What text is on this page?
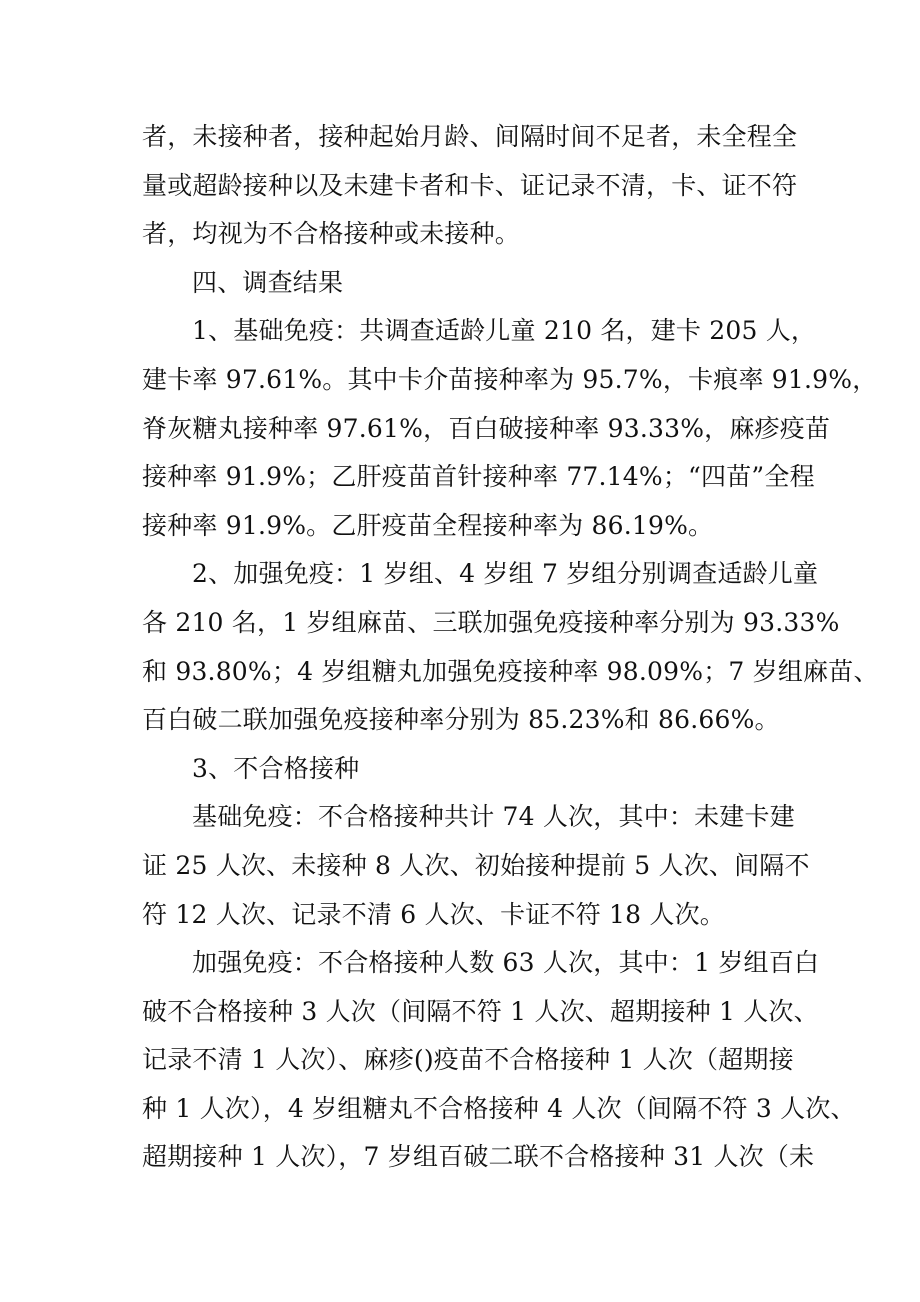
者，未接种者，接种起始月龄、间隔时间不足者，未全程全
量或超龄接种以及未建卡者和卡、证记录不清，卡、证不符
者，均视为不合格接种或未接种。
四、调查结果
1、基础免疫：共调查适龄儿童 210 名，建卡 205 人，
建卡率 97.61%。其中卡介苗接种率为 95.7%，卡痕率 91.9%，
脊灰糖丸接种率 97.61%，百白破接种率 93.33%，麻疹疫苗
接种率 91.9%；乙肝疫苗首针接种率 77.14%；“四苗”全程
接种率 91.9%。乙肝疫苗全程接种率为 86.19%。
2、加强免疫：1 岁组、4 岁组 7 岁组分别调查适龄儿童
各 210 名，1 岁组麻苗、三联加强免疫接种率分别为 93.33%
和 93.80%；4 岁组糖丸加强免疫接种率 98.09%；7 岁组麻苗、
百白破二联加强免疫接种率分别为 85.23%和 86.66%。
3、不合格接种
基础免疫：不合格接种共计 74 人次，其中：未建卡建
证 25 人次、未接种 8 人次、初始接种提前 5 人次、间隔不
符 12 人次、记录不清 6 人次、卡证不符 18 人次。
加强免疫：不合格接种人数 63 人次，其中：1 岁组百白
破不合格接种 3 人次（间隔不符 1 人次、超期接种 1 人次、
记录不清 1 人次）、麻疹()疫苗不合格接种 1 人次（超期接
种 1 人次），4 岁组糖丸不合格接种 4 人次（间隔不符 3 人次、
超期接种 1 人次），7 岁组百破二联不合格接种 31 人次（未
